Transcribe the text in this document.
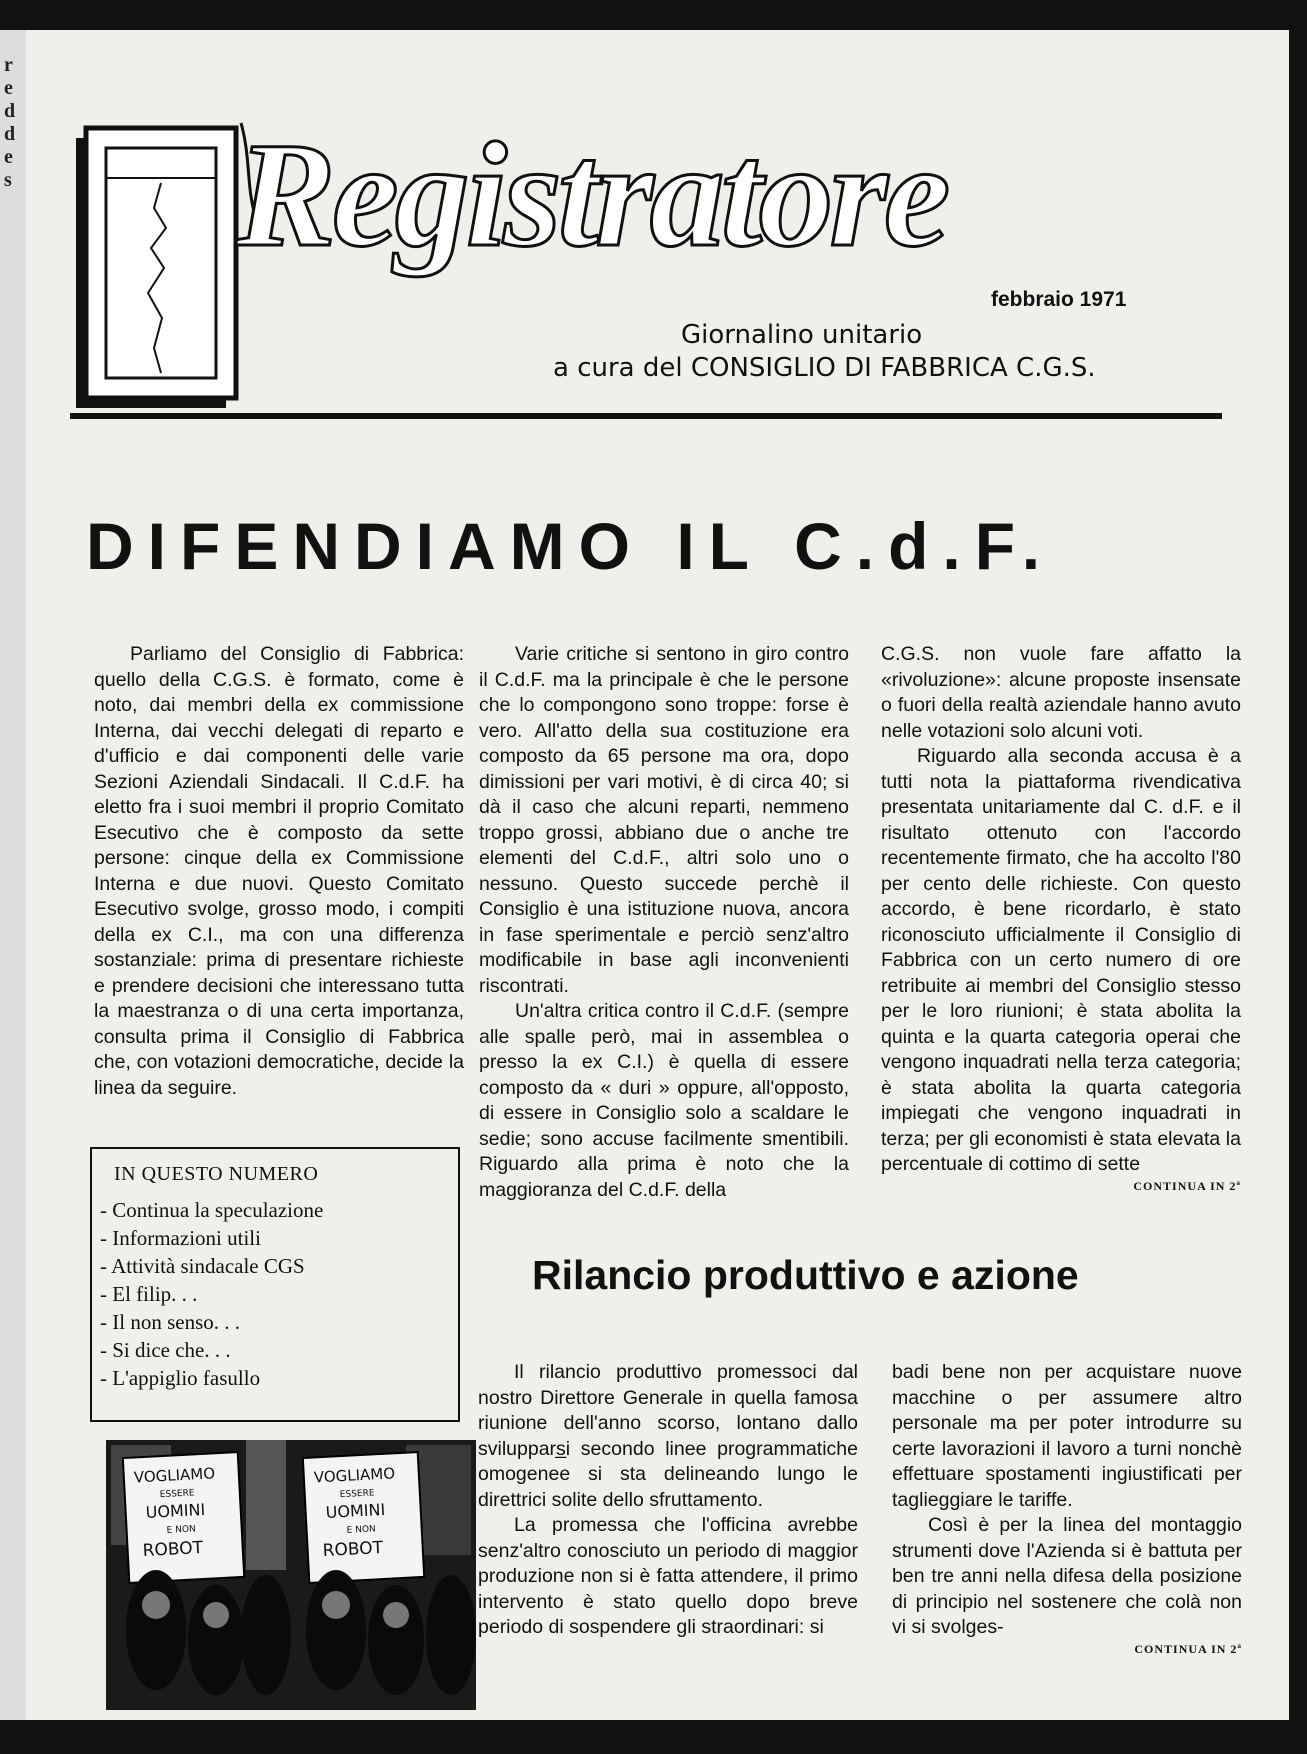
r
e
d
d
e
s Registratore
febbraio 1971
Giornalino unitario
a cura del CONSIGLIO DI FABBRICA C.G.S.
DIFENDIAMO IL C.d.F.

Parliamo del Consiglio di Fabbrica: quello della C.G.S. è formato, come è noto, dai membri della ex commissione Interna, dai vecchi delegati di reparto e d'ufficio e dai componenti delle varie Sezioni Aziendali Sindacali. Il C.d.F. ha eletto fra i suoi membri il proprio Comitato Esecutivo che è composto da sette persone: cinque della ex Commissione Interna e due nuovi. Questo Comitato Esecutivo svolge, grosso modo, i compiti della ex C.I., ma con una differenza sostanziale: prima di presentare richieste e prendere decisioni che interessano tutta la maestranza o di una certa importanza, consulta prima il Consiglio di Fabbrica che, con votazioni democratiche, decide la linea da seguire.

Varie critiche si sentono in giro contro il C.d.F. ma la principale è che le persone che lo compongono sono troppe: forse è vero. All'atto della sua costituzione era composto da 65 persone ma ora, dopo dimissioni per vari motivi, è di circa 40; si dà il caso che alcuni reparti, nemmeno troppo grossi, abbiano due o anche tre elementi del C.d.F., altri solo uno o nessuno. Questo succede perchè il Consiglio è una istituzione nuova, ancora in fase sperimentale e perciò senz'altro modificabile in base agli inconvenienti riscontrati.

Un'altra critica contro il C.d.F. (sempre alle spalle però, mai in assemblea o presso la ex C.I.) è quella di essere composto da « duri » oppure, all'opposto, di essere in Consiglio solo a scaldare le sedie; sono accuse facilmente smentibili. Riguardo alla prima è noto che la maggioranza del C.d.F. della

C.G.S. non vuole fare affatto la «rivoluzione»: alcune proposte insensate o fuori della realtà aziendale hanno avuto nelle votazioni solo alcuni voti.

Riguardo alla seconda accusa è a tutti nota la piattaforma rivendicativa presentata unitariamente dal C. d.F. e il risultato ottenuto con l'accordo recentemente firmato, che ha accolto l'80 per cento delle richieste. Con questo accordo, è bene ricordarlo, è stato riconosciuto ufficialmente il Consiglio di Fabbrica con un certo numero di ore retribuite ai membri del Consiglio stesso per le loro riunioni; è stata abolita la quinta e la quarta categoria operai che vengono inquadrati nella terza categoria; è stata abolita la quarta categoria impiegati che vengono inquadrati in terza; per gli economisti è stata elevata la percentuale di cottimo di sette

CONTINUA IN 2ª
IN QUESTO NUMERO
- Continua la speculazione
- Informazioni utili
- Attività sindacale CGS
- El filip. . .
- Il non senso. . .
- Si dice che. . .
- L'appiglio fasullo
VOGLIAMO ESSERE UOMINI E NON ROBOT
VOGLIAMO ESSERE UOMINI E NON ROBOT
Rilancio produttivo e azione

Il rilancio produttivo promessoci dal nostro Direttore Generale in quella famosa riunione dell'anno scorso, lontano dallo sviluppars̲i secondo linee programmatiche omogenee si sta delineando lungo le direttrici solite dello sfruttamento.

La promessa che l'officina avrebbe senz'altro conosciuto un periodo di maggior produzione non si è fatta attendere, il primo intervento è stato quello dopo breve periodo di sospendere gli straordinari: si

badi bene non per acquistare nuove macchine o per assumere altro personale ma per poter introdurre su certe lavorazioni il lavoro a turni nonchè effettuare spostamenti ingiustificati per taglieggiare le tariffe.

Così è per la linea del montaggio strumenti dove l'Azienda si è battuta per ben tre anni nella difesa della posizione di principio nel sostenere che colà non vi si svolges-

CONTINUA IN 2ª
